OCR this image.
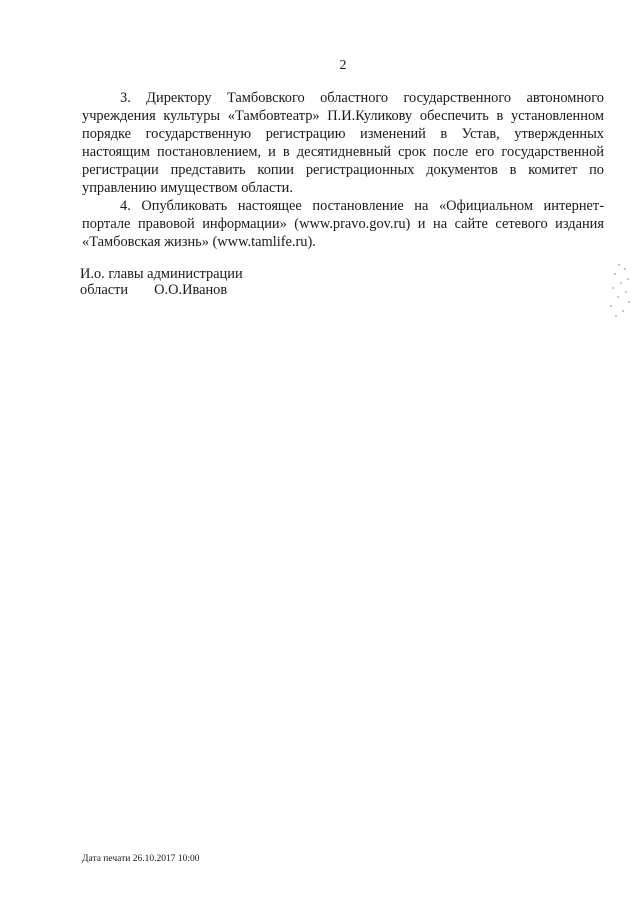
2

3. Директору Тамбовского областного государственного автономного учреждения культуры «Тамбовтеатр» П.И.Куликову обеспечить в установленном порядке государственную регистрацию изменений в Устав, утвержденных настоящим постановлением, и в десятидневный срок после его государственной регистрации представить копии регистрационных документов в комитет по управлению имуществом области.

4. Опубликовать настоящее постановление на «Официальном интернет-портале правовой информации» (www.pravo.gov.ru) и на сайте сетевого издания «Тамбовская жизнь» (www.tamlife.ru).

И.о. главы администрации
области О.О.Иванов
Дата печати 26.10.2017 10:00
